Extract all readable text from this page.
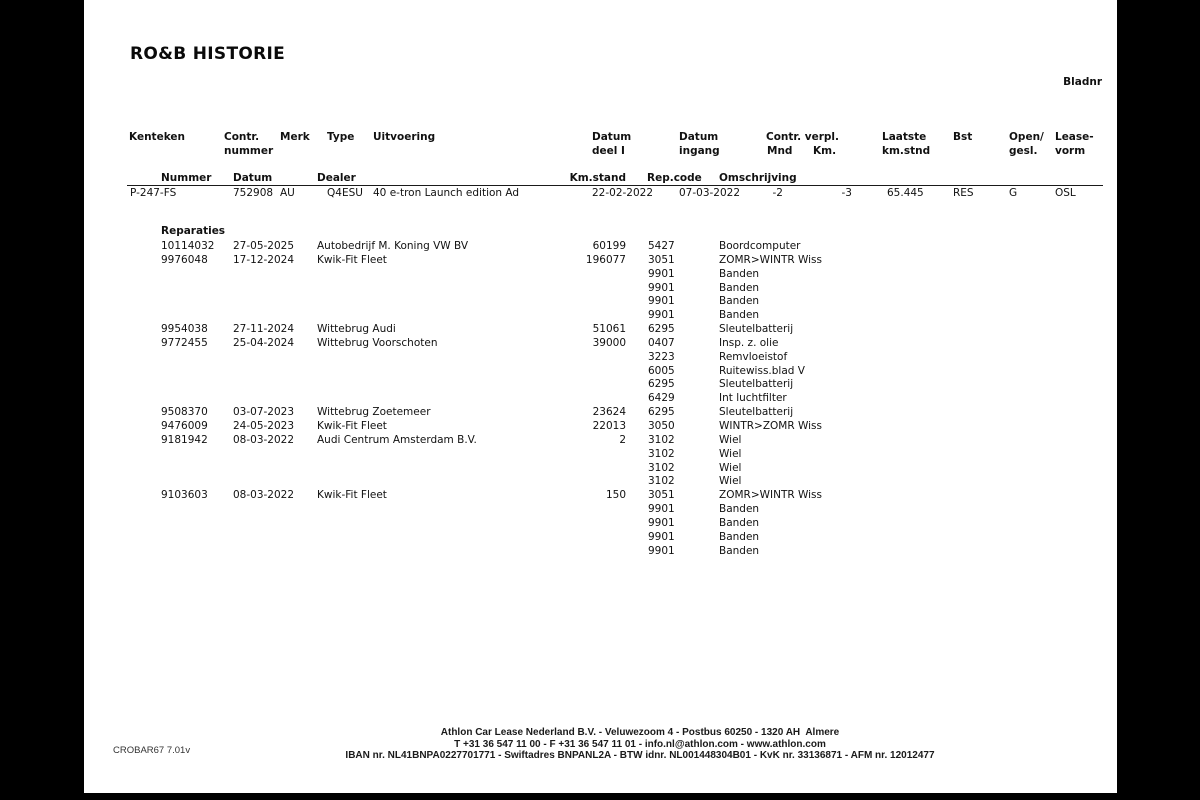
RO&B HISTORIE
Bladnr
Kenteken	Contr.
nummer
Merk Type Uitvoering	Datum
deel I
Datum
ingang
Contr. verpl.
Mnd Km.
Laatste
km.stnd
Bst	Open/
gesl.
Lease-
vorm
Nummer Datum	Dealer	Km.stand Rep.code Omschrijving
P-247-FS	752908 AU	Q4ESU 40 e-tron Launch edition Ad	22-02-2022 07-03-2022	-2	-3	65.445	RES	G	OSL
Reparaties
10114032 27-05-2025 Autobedrijf M. Koning VW BV	60199 5427	Boordcomputer
9976048 17-12-2024 Kwik-Fit Fleet	196077 3051	ZOMR>WINTR Wiss
9901	Banden
9901	Banden
9901	Banden
9901	Banden
9954038 27-11-2024 Wittebrug Audi	51061 6295	Sleutelbatterij
9772455 25-04-2024 Wittebrug Voorschoten	39000 0407	Insp. z. olie
3223	Remvloeistof
6005	Ruitewiss.blad V
6295	Sleutelbatterij
6429	Int luchtfilter
9508370 03-07-2023 Wittebrug Zoetemeer	23624 6295	Sleutelbatterij
9476009 24-05-2023 Kwik-Fit Fleet	22013 3050	WINTR>ZOMR Wiss
9181942 08-03-2022 Audi Centrum Amsterdam B.V.	2 3102	Wiel
3102	Wiel
3102	Wiel
3102	Wiel
9103603 08-03-2022 Kwik-Fit Fleet	150 3051	ZOMR>WINTR Wiss
9901	Banden
9901	Banden
9901	Banden
9901	Banden
Athlon Car Lease Nederland B.V. - Veluwezoom 4 - Postbus 60250 - 1320 AH  Almere
T +31 36 547 11 00 - F +31 36 547 11 01 - info.nl@athlon.com - www.athlon.com
IBAN nr. NL41BNPA0227701771 - Swiftadres BNPANL2A - BTW idnr. NL001448304B01 - KvK nr. 33136871 - AFM nr. 12012477
CROBAR67 7.01v
